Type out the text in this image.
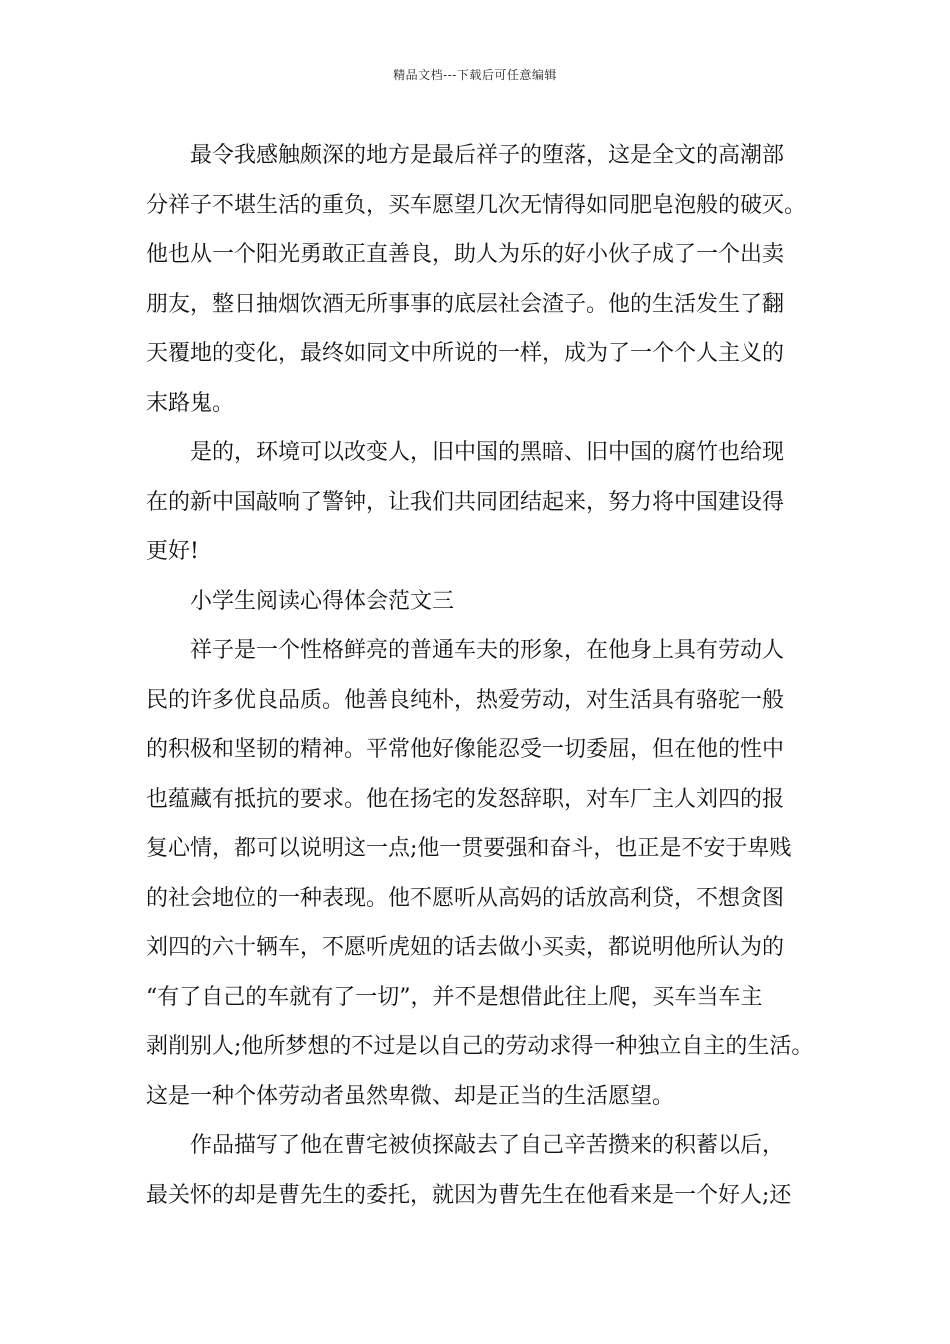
精品文档---下载后可任意编辑
最令我感触颇深的地方是最后祥子的堕落，这是全文的高潮部
分祥子不堪生活的重负，买车愿望几次无情得如同肥皂泡般的破灭。
他也从一个阳光勇敢正直善良，助人为乐的好小伙子成了一个出卖
朋友，整日抽烟饮酒无所事事的底层社会渣子。他的生活发生了翻
天覆地的变化，最终如同文中所说的一样，成为了一个个人主义的
末路鬼。
是的，环境可以改变人，旧中国的黑暗、旧中国的腐竹也给现
在的新中国敲响了警钟，让我们共同团结起来，努力将中国建设得
更好!
小学生阅读心得体会范文三
祥子是一个性格鲜亮的普通车夫的形象，在他身上具有劳动人
民的许多优良品质。他善良纯朴，热爱劳动，对生活具有骆驼一般
的积极和坚韧的精神。平常他好像能忍受一切委屈，但在他的性中
也蕴藏有抵抗的要求。他在扬宅的发怒辞职，对车厂主人刘四的报
复心情，都可以说明这一点;他一贯要强和奋斗，也正是不安于卑贱
的社会地位的一种表现。他不愿听从高妈的话放高利贷，不想贪图
刘四的六十辆车，不愿听虎妞的话去做小买卖，都说明他所认为的
“有了自己的车就有了一切”，并不是想借此往上爬，买车当车主
剥削别人;他所梦想的不过是以自己的劳动求得一种独立自主的生活。
这是一种个体劳动者虽然卑微、却是正当的生活愿望。
作品描写了他在曹宅被侦探敲去了自己辛苦攒来的积蓄以后，
最关怀的却是曹先生的委托，就因为曹先生在他看来是一个好人;还
